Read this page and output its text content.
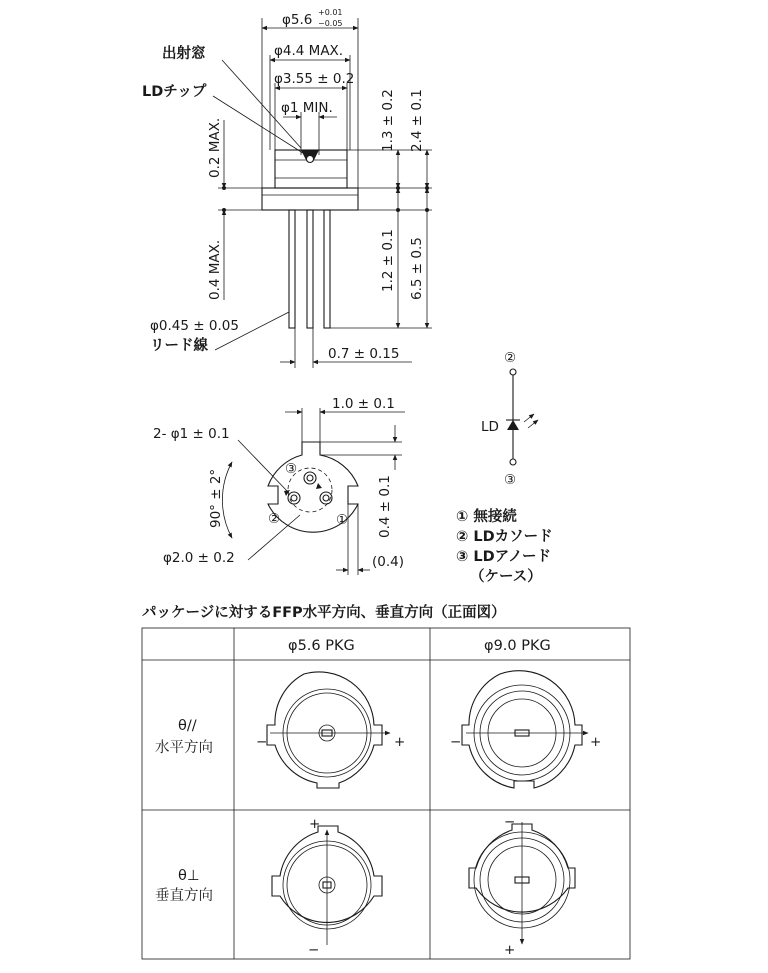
φ5.6 +0.01
−0.05
φ4.4 MAX.
φ3.55 ± 0.2
φ1 MIN.
出射窓
LDチップ	1.3 ± 0.2 2.4 ± 0.1
1.2 ± 0.1 6.5 ± 0.5
0.2 MAX.
0.4 MAX.
φ0.45 ± 0.05
リード線	0.7 ± 0.15
1.0 ± 0.1
③
②	①
2- φ1 ± 0.1
90° ± 2°
φ2.0 ± 0.2
0.4 ± 0.1
(0.4)
②
LD
③
① 無接続
② LDカソード
③ LDアノード
（ケース）
パッケージに対するFFP水平方向、垂直方向（正面図）
φ5.6 PKG	φ9.0 PKG
θ//
水平方向
θ⊥
垂直方向
−	+	−	+
+
−
−
+
